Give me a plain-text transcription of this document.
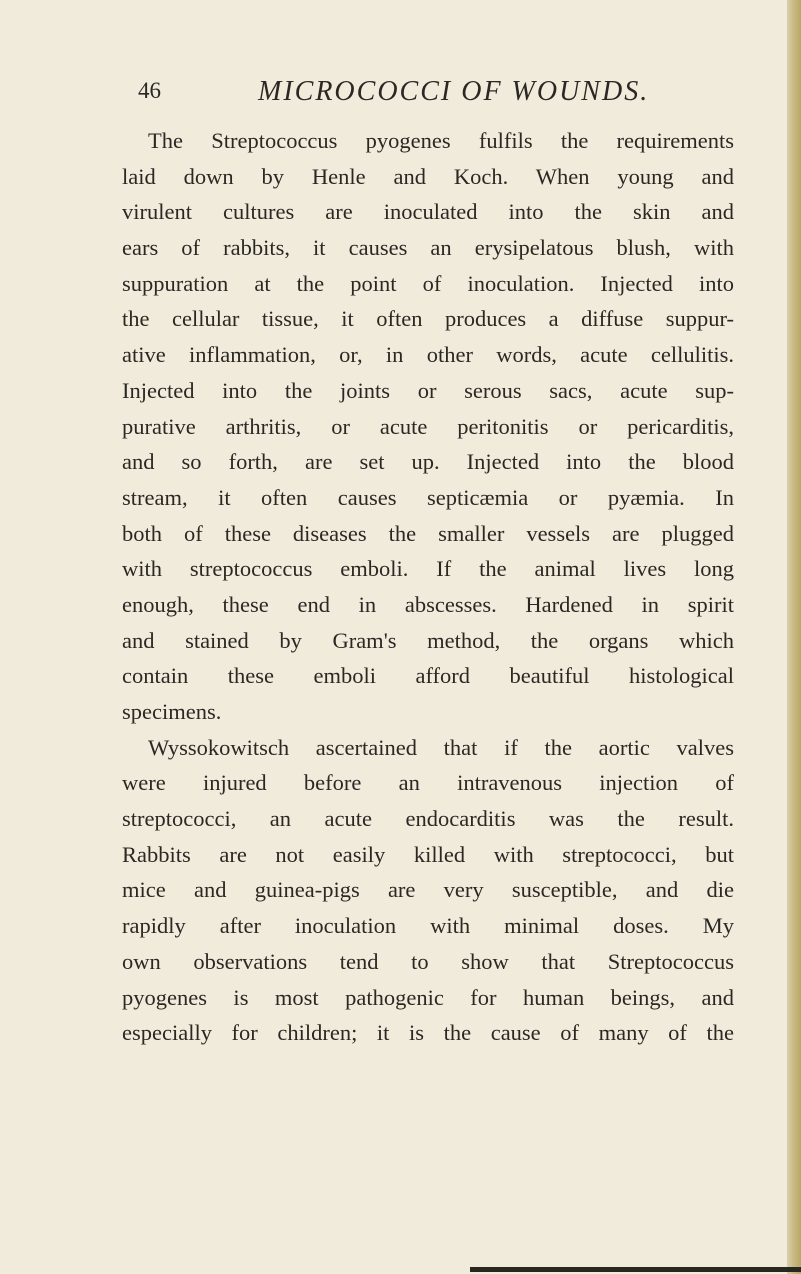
46	MICROCOCCI OF WOUNDS.
The Streptococcus pyogenes fulfils the requirements
laid down by Henle and Koch. When young and
virulent cultures are inoculated into the skin and
ears of rabbits, it causes an erysipelatous blush, with
suppuration at the point of inoculation. Injected into
the cellular tissue, it often produces a diffuse suppur-
ative inflammation, or, in other words, acute cellulitis.
Injected into the joints or serous sacs, acute sup-
purative arthritis, or acute peritonitis or pericarditis,
and so forth, are set up. Injected into the blood
stream, it often causes septicæmia or pyæmia. In
both of these diseases the smaller vessels are plugged
with streptococcus emboli. If the animal lives long
enough, these end in abscesses. Hardened in spirit
and stained by Gram's method, the organs which
contain these emboli afford beautiful histological
specimens.
Wyssokowitsch ascertained that if the aortic valves
were injured before an intravenous injection of
streptococci, an acute endocarditis was the result.
Rabbits are not easily killed with streptococci, but
mice and guinea-pigs are very susceptible, and die
rapidly after inoculation with minimal doses. My
own observations tend to show that Streptococcus
pyogenes is most pathogenic for human beings, and
especially for children; it is the cause of many of the
